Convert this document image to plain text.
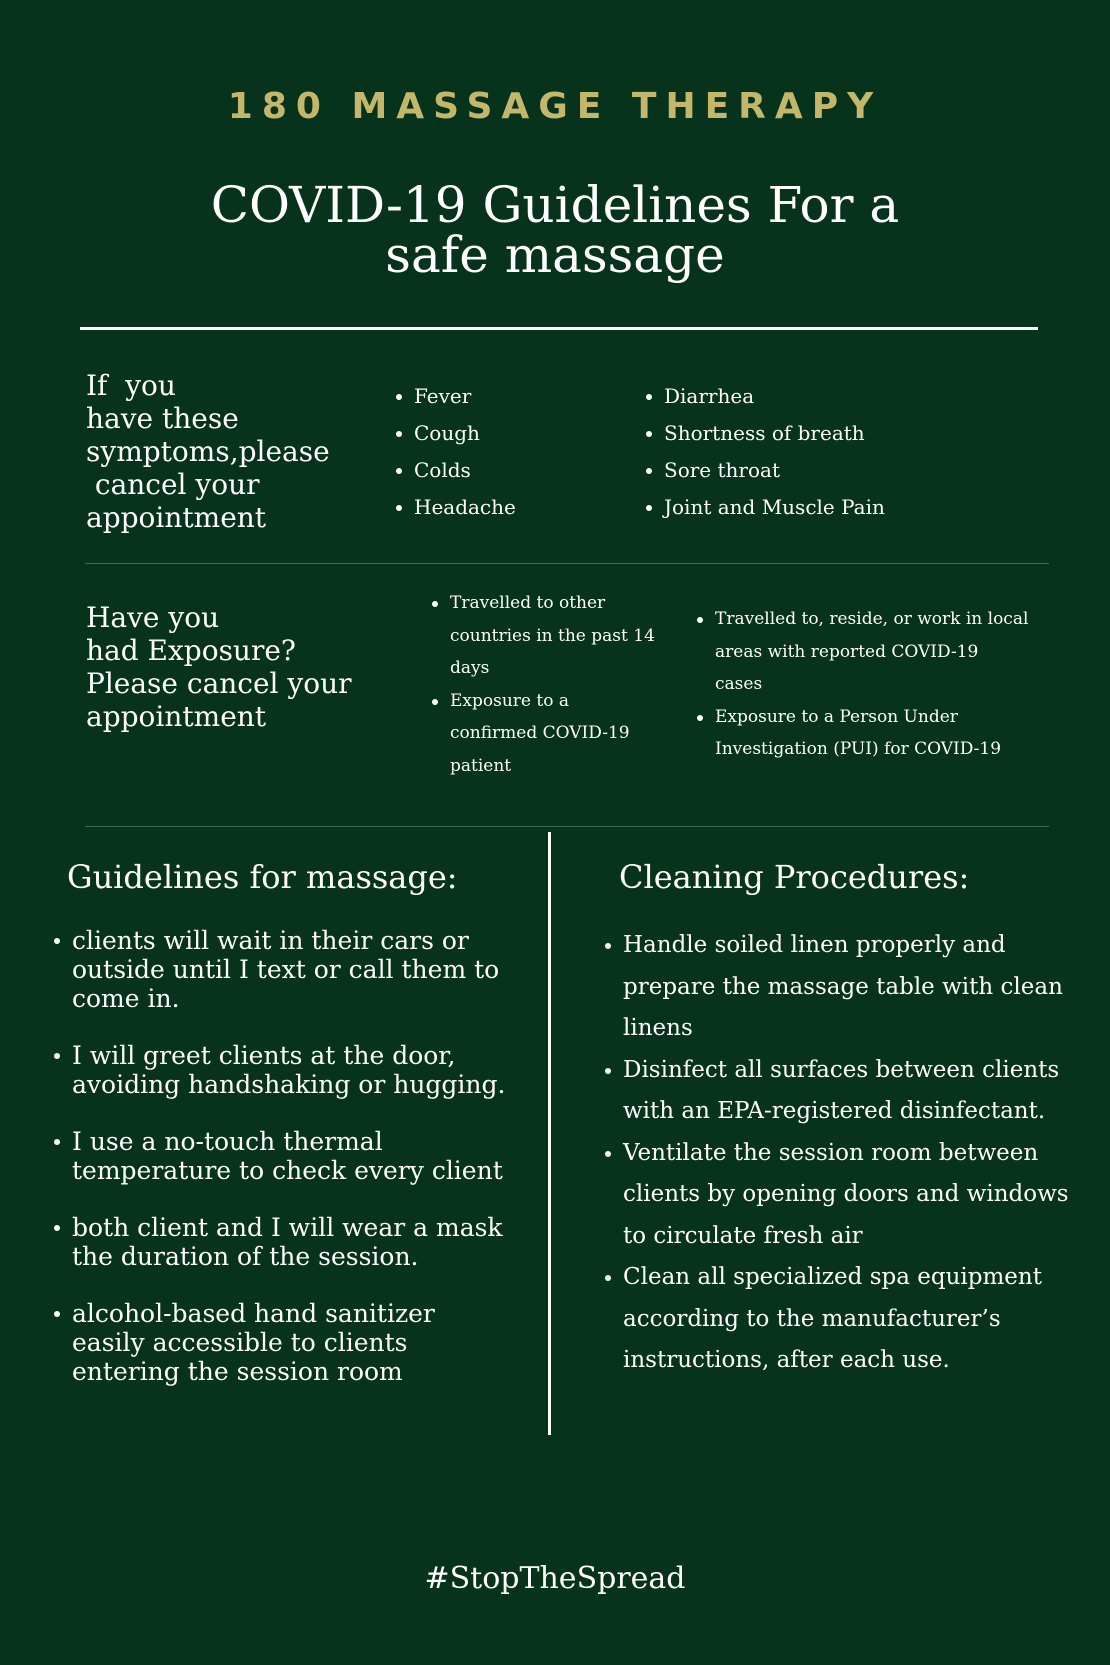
180 MASSAGE THERAPY
COVID-19 Guidelines For a
safe massage
If  you
have these
symptoms,please
cancel your
appointment
Fever
Cough
Colds
Headache
Diarrhea
Shortness of breath
Sore throat
Joint and Muscle Pain
Have you
had Exposure?
Please cancel your
appointment
Travelled to other countries in the past 14 days
Exposure to a confirmed COVID-19 patient
Travelled to, reside, or work in local areas with reported COVID-19 cases
Exposure to a Person Under Investigation (PUI) for COVID-19
Guidelines for massage:
clients will wait in their cars or outside until I text or call them to come in.
I will greet clients at the door, avoiding handshaking or hugging.
I use a no-touch thermal temperature to check every client
both client and I will wear a mask the duration of the session.
alcohol-based hand sanitizer easily accessible to clients entering the session room
Cleaning Procedures:
Handle soiled linen properly and prepare the massage table with clean linens
Disinfect all surfaces between clients with an EPA-registered disinfectant.
Ventilate the session room between clients by opening doors and windows to circulate fresh air
Clean all specialized spa equipment according to the manufacturer’s instructions, after each use.
#StopTheSpread
